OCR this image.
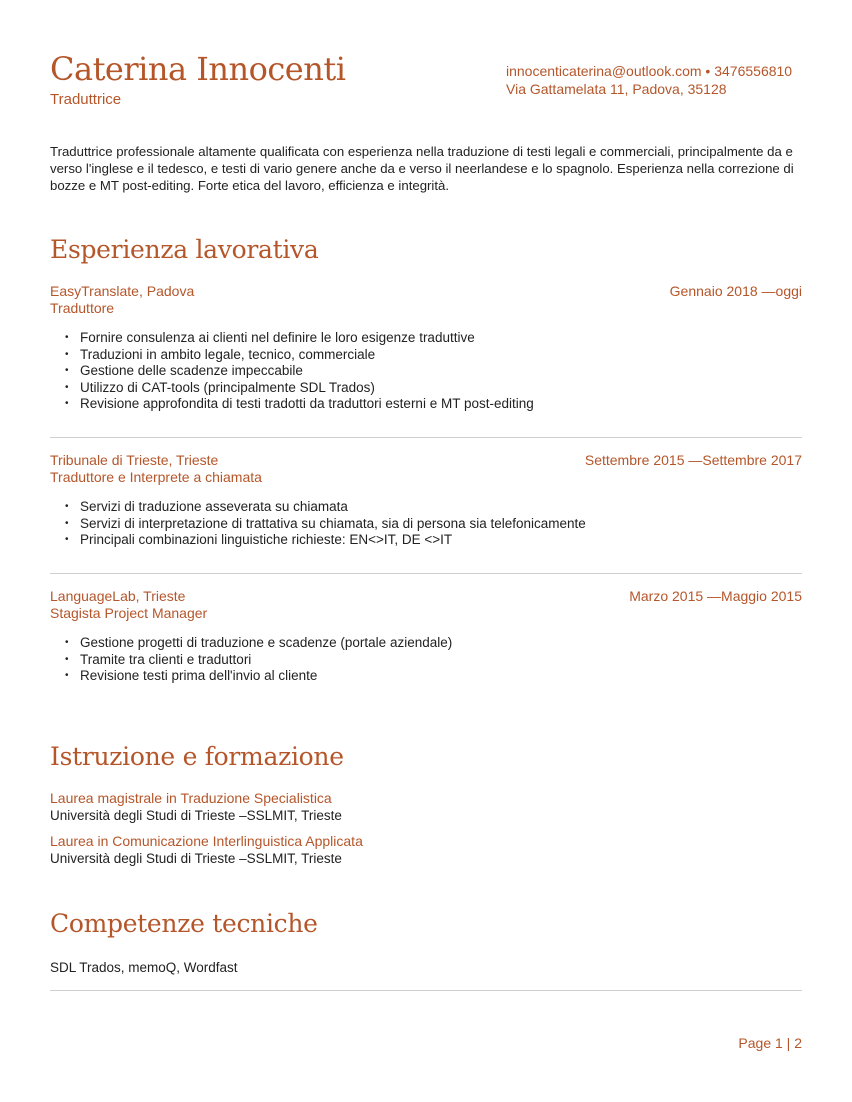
Caterina Innocenti
Traduttrice
innocenticaterina@outlook.com • 3476556810
Via Gattamelata 11, Padova, 35128
Traduttrice professionale altamente qualificata con esperienza nella traduzione di testi legali e commerciali, principalmente da e verso l'inglese e il tedesco, e testi di vario genere anche da e verso il neerlandese e lo spagnolo. Esperienza nella correzione di bozze e MT post-editing. Forte etica del lavoro, efficienza e integrità.
Esperienza lavorativa
EasyTranslate, Padova	Gennaio 2018 —oggi
Traduttore
• Fornire consulenza ai clienti nel definire le loro esigenze traduttive
• Traduzioni in ambito legale, tecnico, commerciale
• Gestione delle scadenze impeccabile
• Utilizzo di CAT-tools (principalmente SDL Trados)
• Revisione approfondita di testi tradotti da traduttori esterni e MT post-editing
Tribunale di Trieste, Trieste	Settembre 2015 —Settembre 2017
Traduttore e Interprete a chiamata
• Servizi di traduzione asseverata su chiamata
• Servizi di interpretazione di trattativa su chiamata, sia di persona sia telefonicamente
• Principali combinazioni linguistiche richieste: EN<>IT, DE <>IT
LanguageLab, Trieste	Marzo 2015 —Maggio 2015
Stagista Project Manager
• Gestione progetti di traduzione e scadenze (portale aziendale)
• Tramite tra clienti e traduttori
• Revisione testi prima dell'invio al cliente
Istruzione e formazione
Laurea magistrale in Traduzione Specialistica
Università degli Studi di Trieste –SSLMIT, Trieste
Laurea in Comunicazione Interlinguistica Applicata
Università degli Studi di Trieste –SSLMIT, Trieste
Competenze tecniche
SDL Trados, memoQ, Wordfast
Page 1 | 2
